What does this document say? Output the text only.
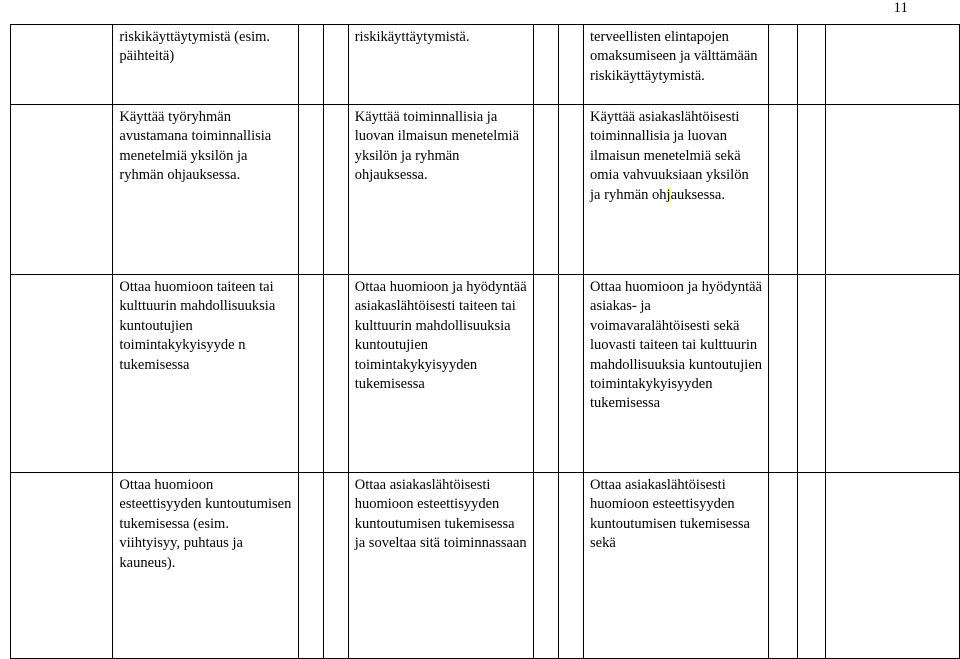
11

	riskikäyttäytymistä (esim. päihteitä)			riskikäyttäytymistä.			terveellisten elintapojen omaksumiseen ja välttämään riskikäyttäytymistä.			

	Käyttää työryhmän avustamana toiminnallisia menetelmiä yksilön ja ryhmän ohjauksessa.			Käyttää toiminnallisia ja luovan ilmaisun menetelmiä yksilön ja ryhmän ohjauksessa.			Käyttää asiakaslähtöisesti toiminnallisia ja luovan ilmaisun menetelmiä sekä omia vahvuuksiaan yksilön ja ryhmän ohjauksessa.			

	Ottaa huomioon taiteen tai kulttuurin mahdollisuuksia kuntoutujien toimintakykyisyyde n tukemisessa			Ottaa huomioon ja hyödyntää asiakaslähtöisesti taiteen tai kulttuurin mahdollisuuksia kuntoutujien toimintakykyisyyden tukemisessa			Ottaa huomioon ja hyödyntää asiakas- ja voimavaralähtöisesti sekä luovasti taiteen tai kulttuurin mahdollisuuksia kuntoutujien toimintakykyisyyden tukemisessa			

	Ottaa huomioon esteettisyyden kuntoutumisen tukemisessa (esim. viihtyisyy, puhtaus ja kauneus).			Ottaa asiakaslähtöisesti huomioon esteettisyyden kuntoutumisen tukemisessa ja soveltaa sitä toiminnassaan			Ottaa asiakaslähtöisesti huomioon esteettisyyden kuntoutumisen tukemisessa sekä			
